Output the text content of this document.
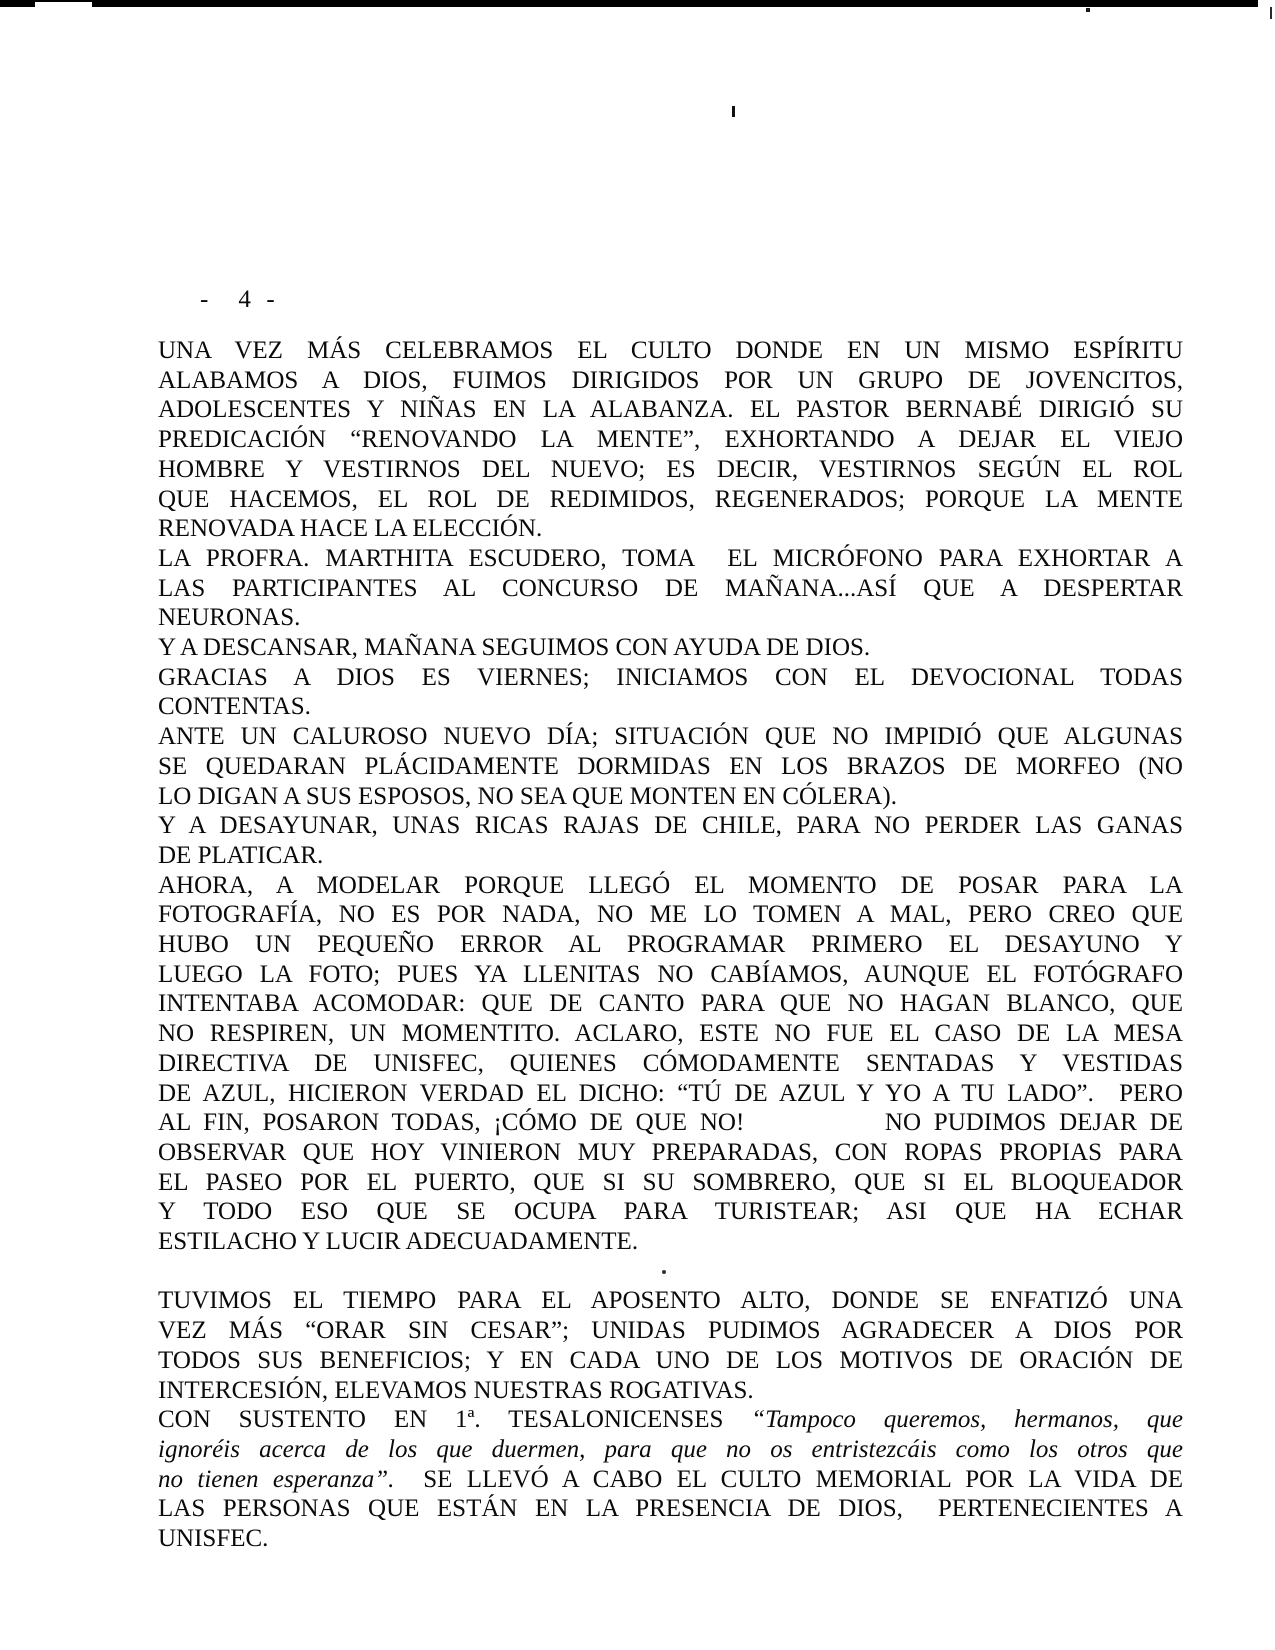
-    4  -
UNA VEZ MÁS CELEBRAMOS EL CULTO DONDE EN UN MISMO ESPÍRITU
ALABAMOS A DIOS, FUIMOS DIRIGIDOS POR UN GRUPO DE JOVENCITOS,
ADOLESCENTES Y NIÑAS EN LA ALABANZA. EL PASTOR BERNABÉ DIRIGIÓ SU
PREDICACIÓN “RENOVANDO LA MENTE”, EXHORTANDO A DEJAR EL VIEJO
HOMBRE Y VESTIRNOS DEL NUEVO; ES DECIR, VESTIRNOS SEGÚN EL ROL
QUE HACEMOS, EL ROL DE REDIMIDOS, REGENERADOS; PORQUE LA MENTE
RENOVADA HACE LA ELECCIÓN.
LA PROFRA. MARTHITA ESCUDERO, TOMA  EL MICRÓFONO PARA EXHORTAR A
LAS PARTICIPANTES AL CONCURSO DE MAÑANA...ASÍ QUE A DESPERTAR
NEURONAS.
Y A DESCANSAR, MAÑANA SEGUIMOS CON AYUDA DE DIOS.
GRACIAS A DIOS ES VIERNES; INICIAMOS CON EL DEVOCIONAL TODAS
CONTENTAS.
ANTE UN CALUROSO NUEVO DÍA; SITUACIÓN QUE NO IMPIDIÓ QUE ALGUNAS
SE QUEDARAN PLÁCIDAMENTE DORMIDAS EN LOS BRAZOS DE MORFEO (NO
LO DIGAN A SUS ESPOSOS, NO SEA QUE MONTEN EN CÓLERA).
Y A DESAYUNAR, UNAS RICAS RAJAS DE CHILE, PARA NO PERDER LAS GANAS
DE PLATICAR.
AHORA, A MODELAR PORQUE LLEGÓ EL MOMENTO DE POSAR PARA LA
FOTOGRAFÍA, NO ES POR NADA, NO ME LO TOMEN A MAL, PERO CREO QUE
HUBO UN PEQUEÑO ERROR AL PROGRAMAR PRIMERO EL DESAYUNO Y
LUEGO LA FOTO; PUES YA LLENITAS NO CABÍAMOS, AUNQUE EL FOTÓGRAFO
INTENTABA ACOMODAR: QUE DE CANTO PARA QUE NO HAGAN BLANCO, QUE
NO RESPIREN, UN MOMENTITO. ACLARO, ESTE NO FUE EL CASO DE LA MESA
DIRECTIVA DE UNISFEC, QUIENES CÓMODAMENTE SENTADAS Y VESTIDAS
DE AZUL, HICIERON VERDAD EL DICHO: “TÚ DE AZUL Y YO A TU LADO”.  PERO
AL FIN, POSARON TODAS, ¡CÓMO DE QUE NO!           NO PUDIMOS DEJAR DE
OBSERVAR QUE HOY VINIERON MUY PREPARADAS, CON ROPAS PROPIAS PARA
EL PASEO POR EL PUERTO, QUE SI SU SOMBRERO, QUE SI EL BLOQUEADOR
Y TODO ESO QUE SE OCUPA PARA TURISTEAR; ASI QUE HA ECHAR
ESTILACHO Y LUCIR ADECUADAMENTE.
TUVIMOS EL TIEMPO PARA EL APOSENTO ALTO, DONDE SE ENFATIZÓ UNA
VEZ MÁS “ORAR SIN CESAR”; UNIDAS PUDIMOS AGRADECER A DIOS POR
TODOS SUS BENEFICIOS; Y EN CADA UNO DE LOS MOTIVOS DE ORACIÓN DE
INTERCESIÓN, ELEVAMOS NUESTRAS ROGATIVAS.
CON SUSTENTO EN 1ª. TESALONICENSES “Tampoco queremos, hermanos, que
ignoréis acerca de los que duermen, para que no os entristezcáis como los otros que
no tienen esperanza”.  SE LLEVÓ A CABO EL CULTO MEMORIAL POR LA VIDA DE
LAS PERSONAS QUE ESTÁN EN LA PRESENCIA DE DIOS,  PERTENECIENTES A
UNISFEC.
